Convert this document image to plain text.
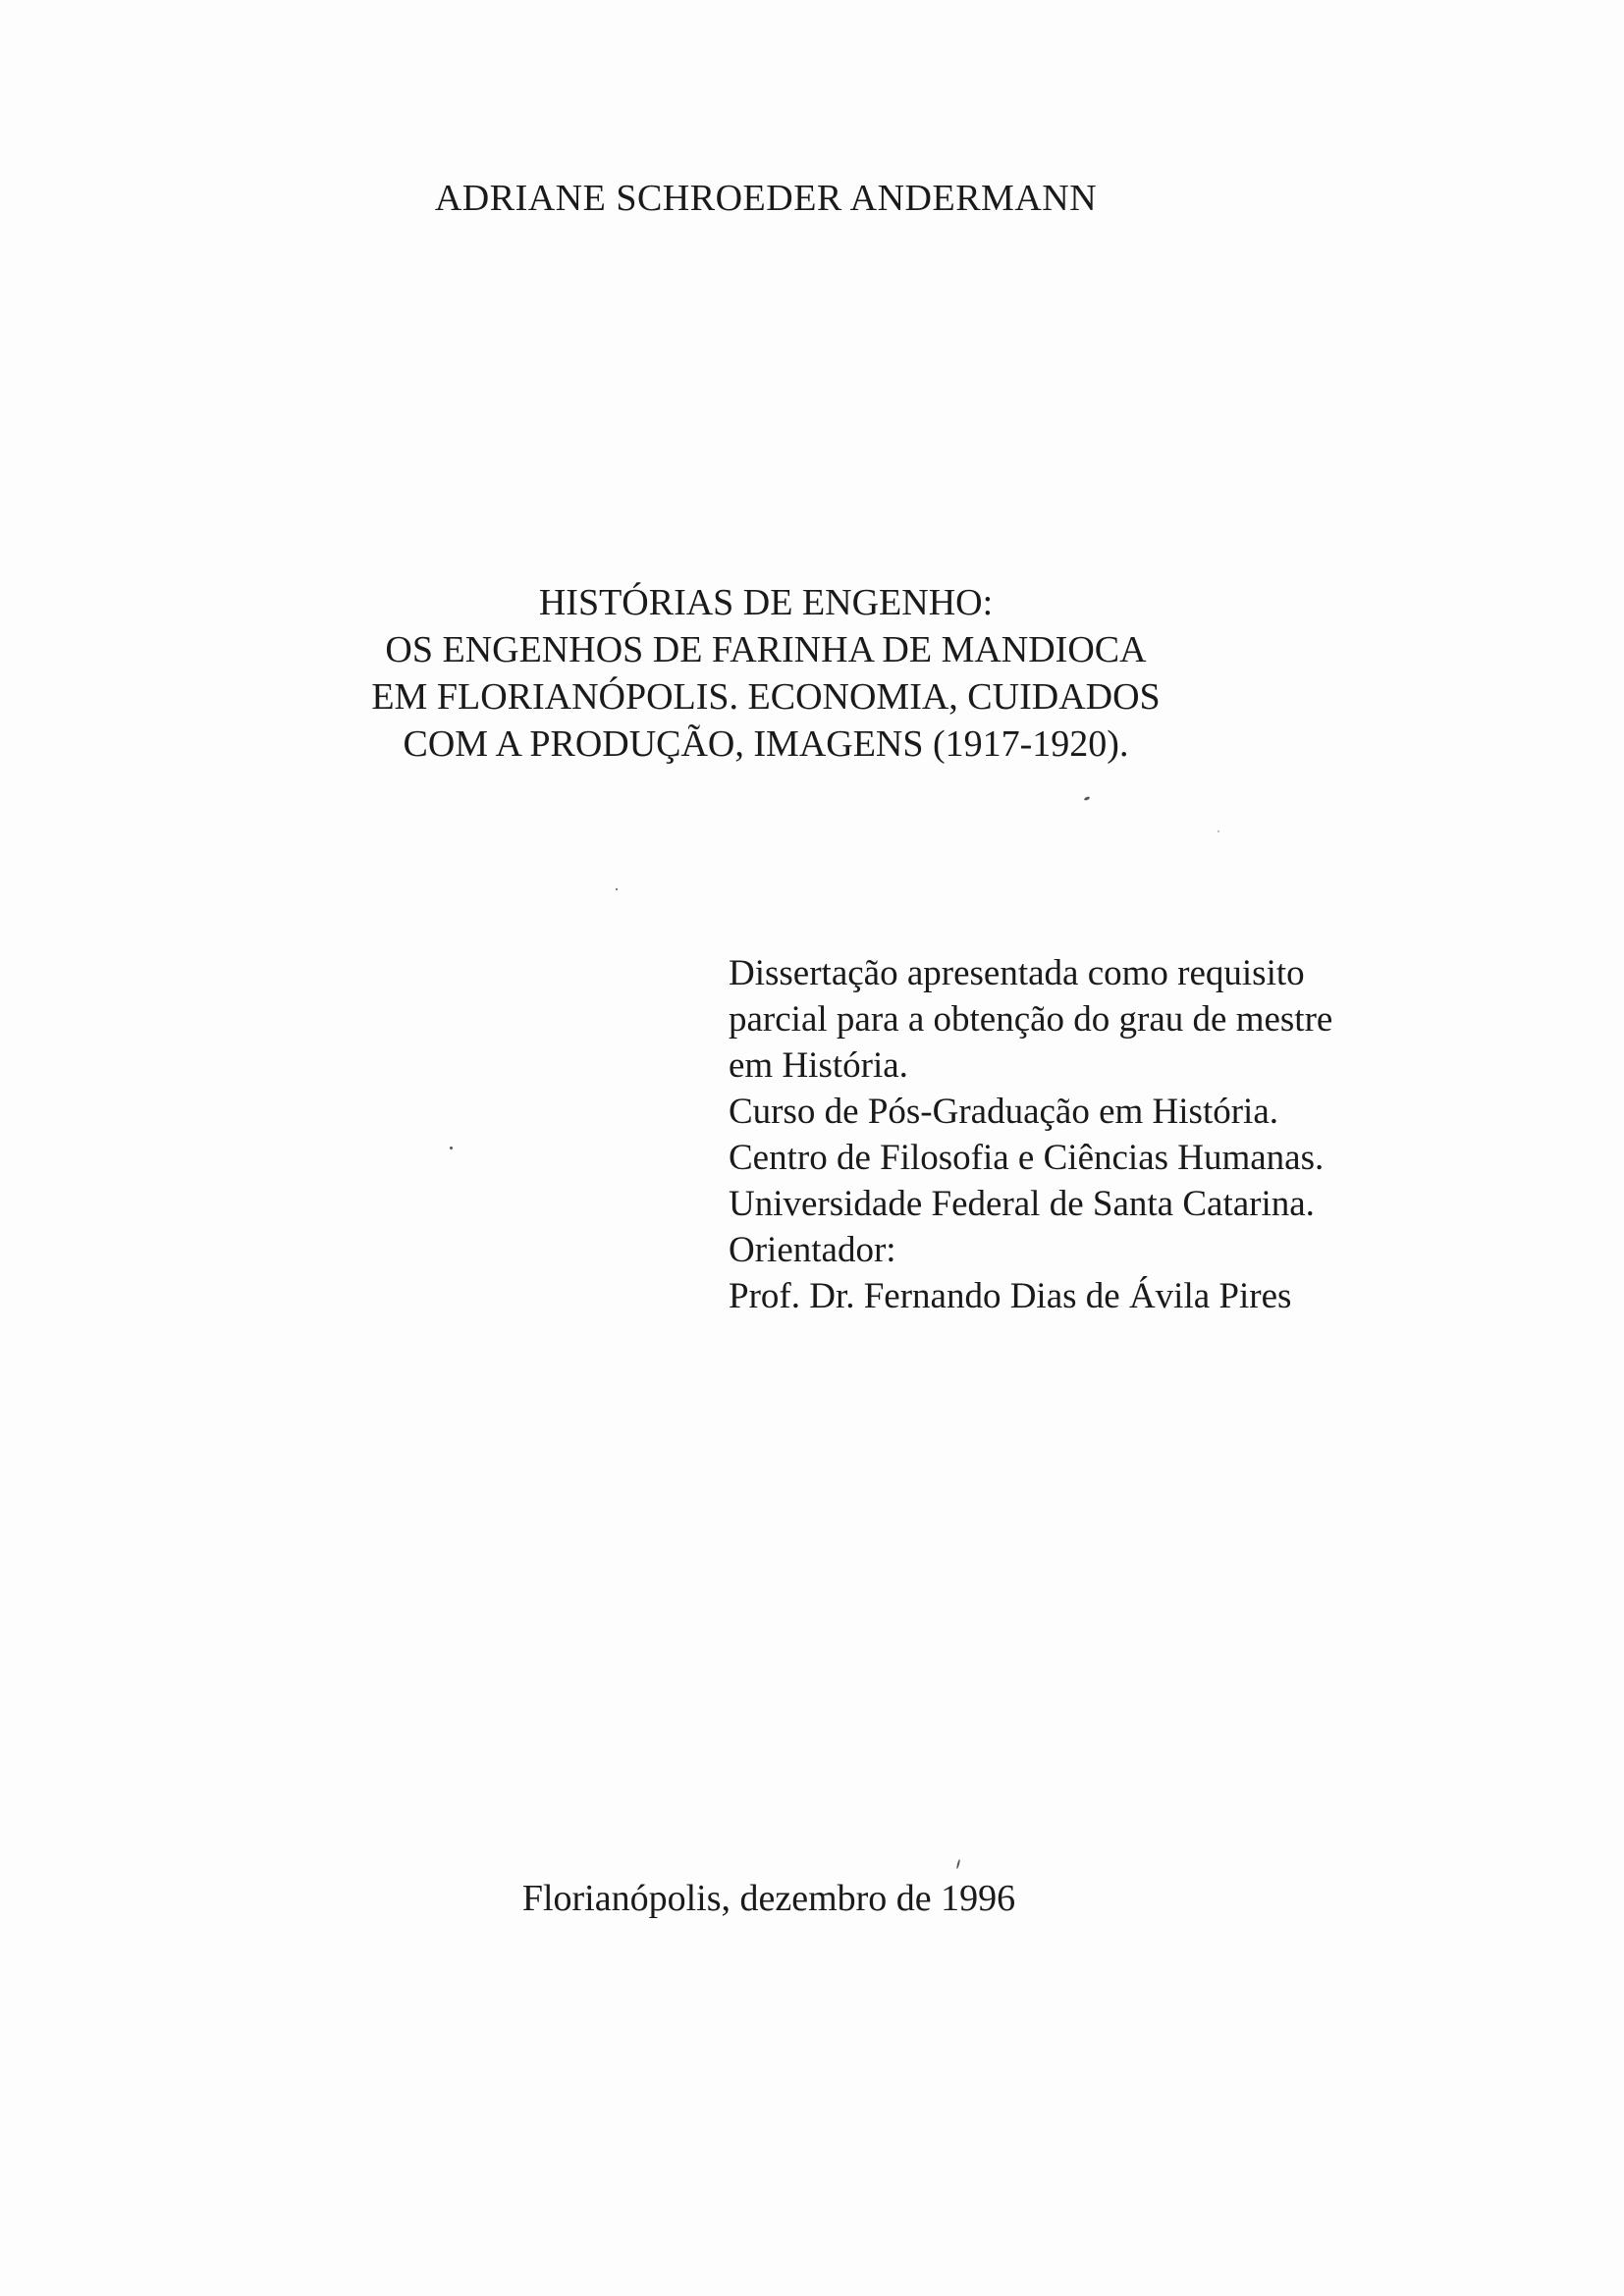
ADRIANE SCHROEDER ANDERMANN
HISTÓRIAS DE ENGENHO:
OS ENGENHOS DE FARINHA DE MANDIOCA
EM FLORIANÓPOLIS. ECONOMIA, CUIDADOS
COM A PRODUÇÃO, IMAGENS (1917-1920).
Dissertação apresentada como requisito
parcial para a obtenção do grau de mestre
em História.
Curso de Pós-Graduação em História.
Centro de Filosofia e Ciências Humanas.
Universidade Federal de Santa Catarina.
Orientador:
Prof. Dr. Fernando Dias de Ávila Pires
Florianópolis, dezembro de 1996
